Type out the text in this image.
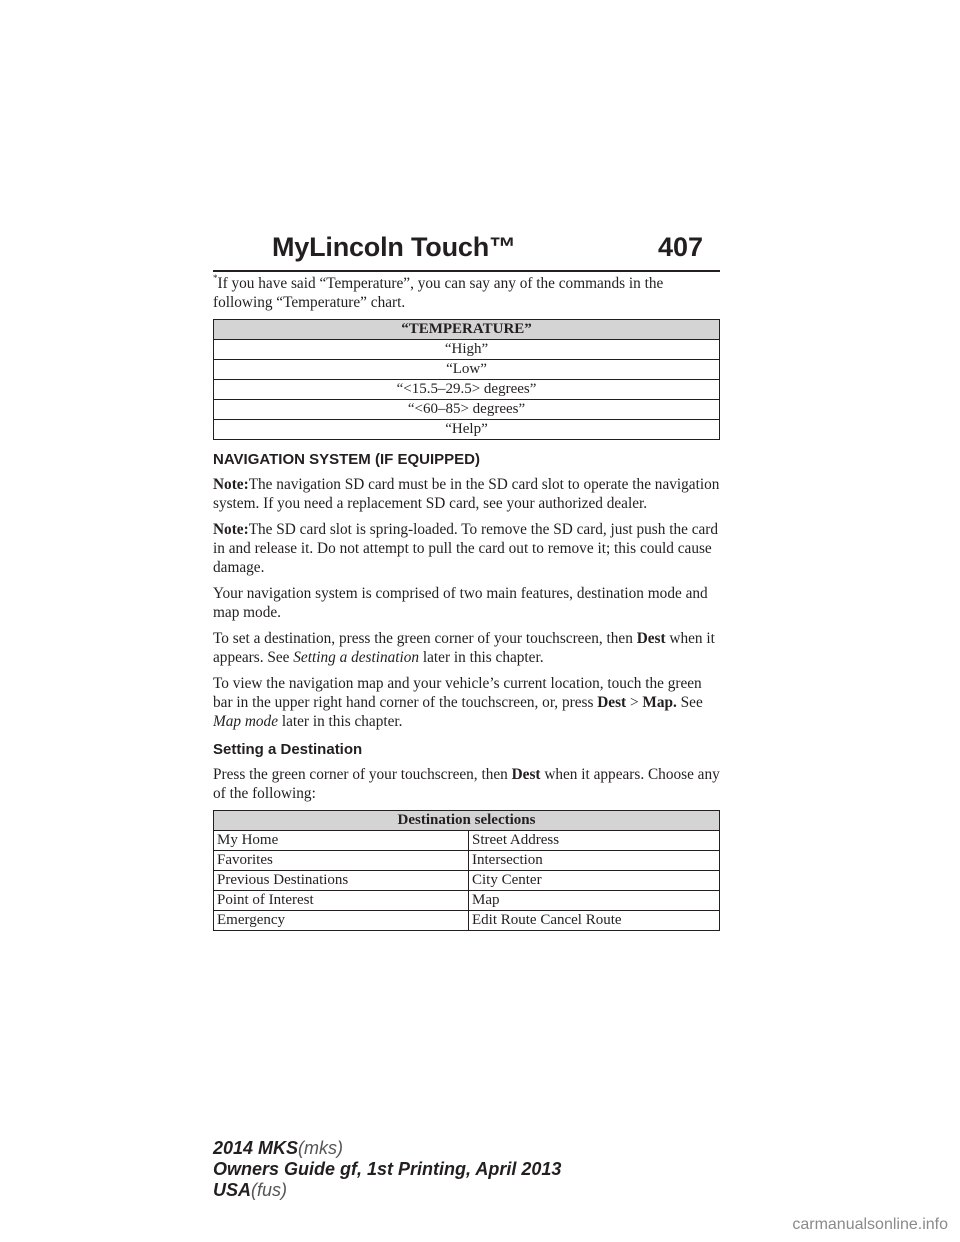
MyLincoln Touch™	407

*If you have said “Temperature”, you can say any of the commands in the following “Temperature” chart.

“TEMPERATURE”
“High”
“Low”
“<15.5–29.5> degrees”
“<60–85> degrees”
“Help”
NAVIGATION SYSTEM (IF EQUIPPED)

Note:The navigation SD card must be in the SD card slot to operate the navigation system. If you need a replacement SD card, see your authorized dealer.

Note:The SD card slot is spring-loaded. To remove the SD card, just push the card in and release it. Do not attempt to pull the card out to remove it; this could cause damage.

Your navigation system is comprised of two main features, destination mode and map mode.

To set a destination, press the green corner of your touchscreen, then Dest when it appears. See Setting a destination later in this chapter.

To view the navigation map and your vehicle’s current location, touch the green bar in the upper right hand corner of the touchscreen, or, press Dest > Map. See Map mode later in this chapter.

Setting a Destination

Press the green corner of your touchscreen, then Dest when it appears. Choose any of the following:

Destination selections	
My Home	Street Address
Favorites	Intersection
Previous Destinations	City Center
Point of Interest	Map
Emergency	Edit Route Cancel Route
2014 MKS(mks)
Owners Guide gf, 1st Printing, April 2013
USA(fus)
carmanualsonline.info
